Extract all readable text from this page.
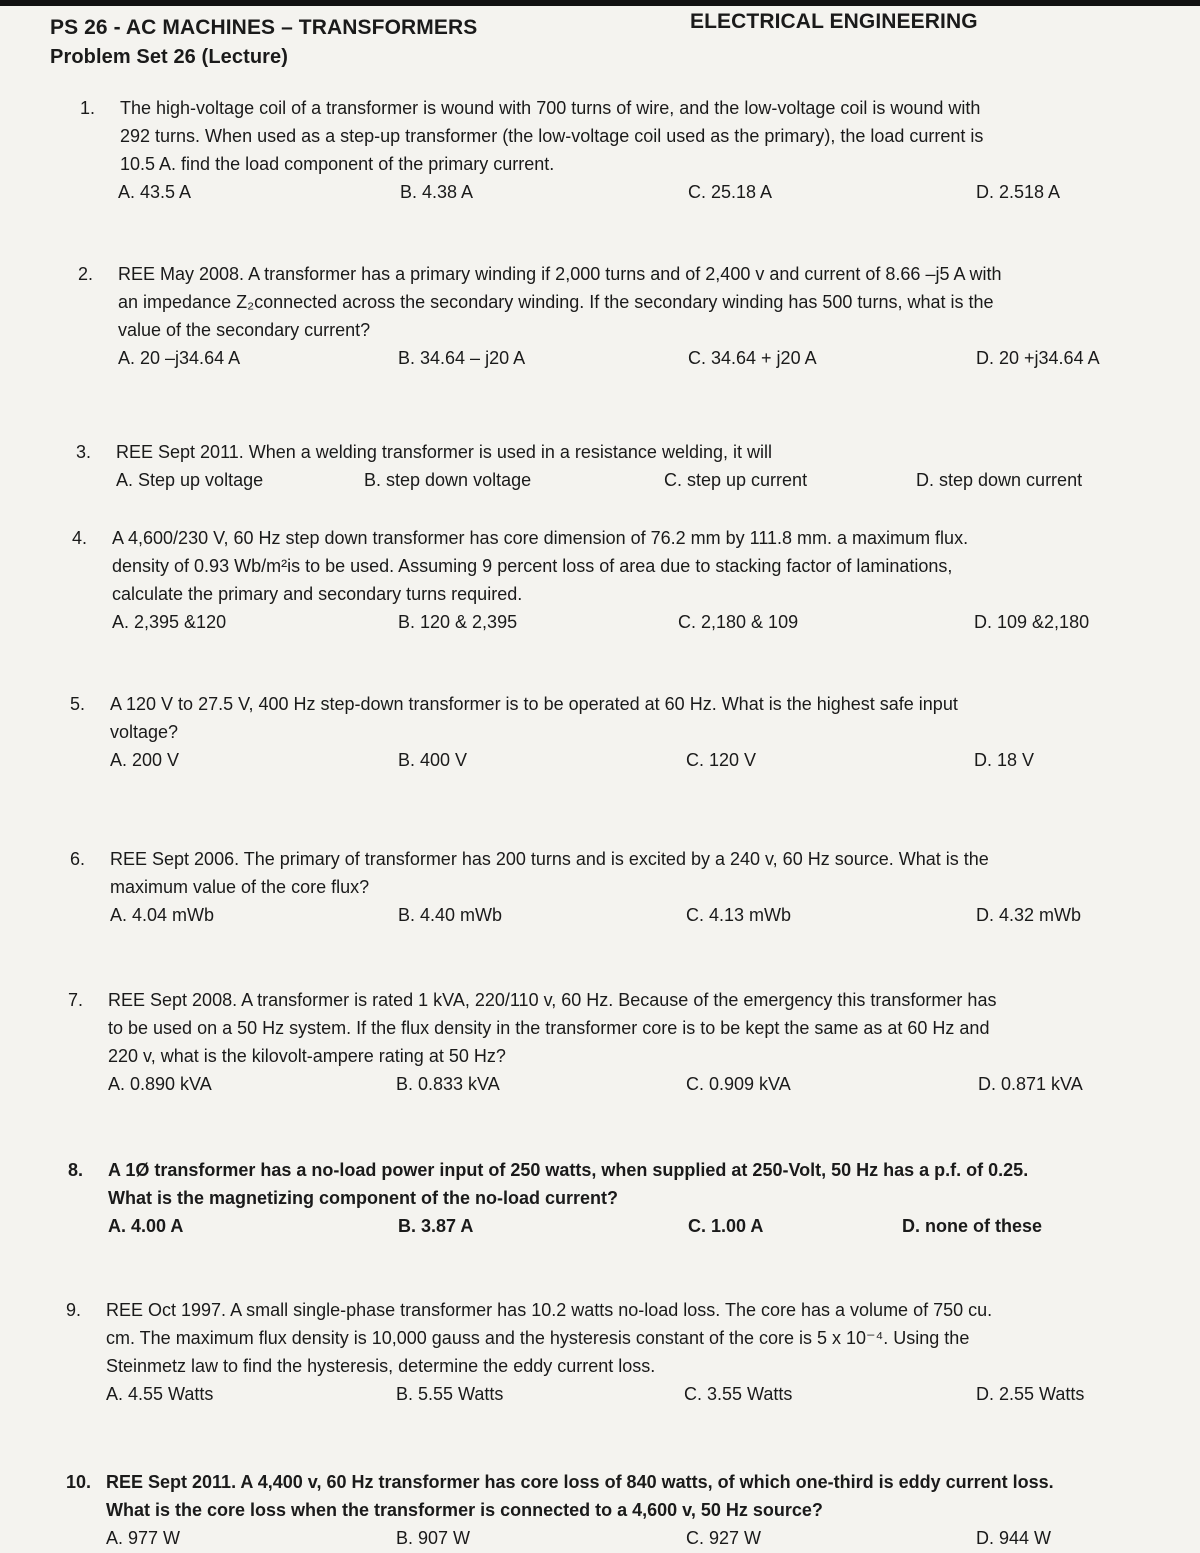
PS 26 - AC MACHINES – TRANSFORMERS
Problem Set 26 (Lecture)
ELECTRICAL ENGINEERING
1. The high-voltage coil of a transformer is wound with 700 turns of wire, and the low-voltage coil is wound with

292 turns. When used as a step-up transformer (the low-voltage coil used as the primary), the load current is

10.5 A. find the load component of the primary current.

A. 43.5 A	B. 4.38 A	C. 25.18 A	D. 2.518 A
2. REE May 2008. A transformer has a primary winding if 2,000 turns and of 2,400 v and current of 8.66 –j5 A with

an impedance Z₂connected across the secondary winding. If the secondary winding has 500 turns, what is the

value of the secondary current?

A. 20 –j34.64 A	B. 34.64 – j20 A	C. 34.64 + j20 A	D. 20 +j34.64 A
3. REE Sept 2011. When a welding transformer is used in a resistance welding, it will

A. Step up voltage	B. step down voltage	C. step up current	D. step down current
4. A 4,600/230 V, 60 Hz step down transformer has core dimension of 76.2 mm by 111.8 mm. a maximum flux.

density of 0.93 Wb/m²is to be used. Assuming 9 percent loss of area due to stacking factor of laminations,

calculate the primary and secondary turns required.

A. 2,395 &120	B. 120 & 2,395	C. 2,180 & 109	D. 109 &2,180
5. A 120 V to 27.5 V, 400 Hz step-down transformer is to be operated at 60 Hz. What is the highest safe input

voltage?

A. 200 V	B. 400 V	C. 120 V	D. 18 V
6. REE Sept 2006. The primary of transformer has 200 turns and is excited by a 240 v, 60 Hz source. What is the

maximum value of the core flux?

A. 4.04 mWb	B. 4.40 mWb	C. 4.13 mWb	D. 4.32 mWb
7. REE Sept 2008. A transformer is rated 1 kVA, 220/110 v, 60 Hz. Because of the emergency this transformer has

to be used on a 50 Hz system. If the flux density in the transformer core is to be kept the same as at 60 Hz and

220 v, what is the kilovolt-ampere rating at 50 Hz?

A. 0.890 kVA	B. 0.833 kVA	C. 0.909 kVA	D. 0.871 kVA
8. A 1Ø transformer has a no-load power input of 250 watts, when supplied at 250-Volt, 50 Hz has a p.f. of 0.25.

What is the magnetizing component of the no-load current?

A. 4.00 A	B. 3.87 A	C. 1.00 A	D. none of these
9. REE Oct 1997. A small single-phase transformer has 10.2 watts no-load loss. The core has a volume of 750 cu.

cm. The maximum flux density is 10,000 gauss and the hysteresis constant of the core is 5 x 10⁻⁴. Using the

Steinmetz law to find the hysteresis, determine the eddy current loss.

A. 4.55 Watts	B. 5.55 Watts	C. 3.55 Watts	D. 2.55 Watts
10. REE Sept 2011. A 4,400 v, 60 Hz transformer has core loss of 840 watts, of which one-third is eddy current loss.

What is the core loss when the transformer is connected to a 4,600 v, 50 Hz source?

A. 977 W	B. 907 W	C. 927 W	D. 944 W
